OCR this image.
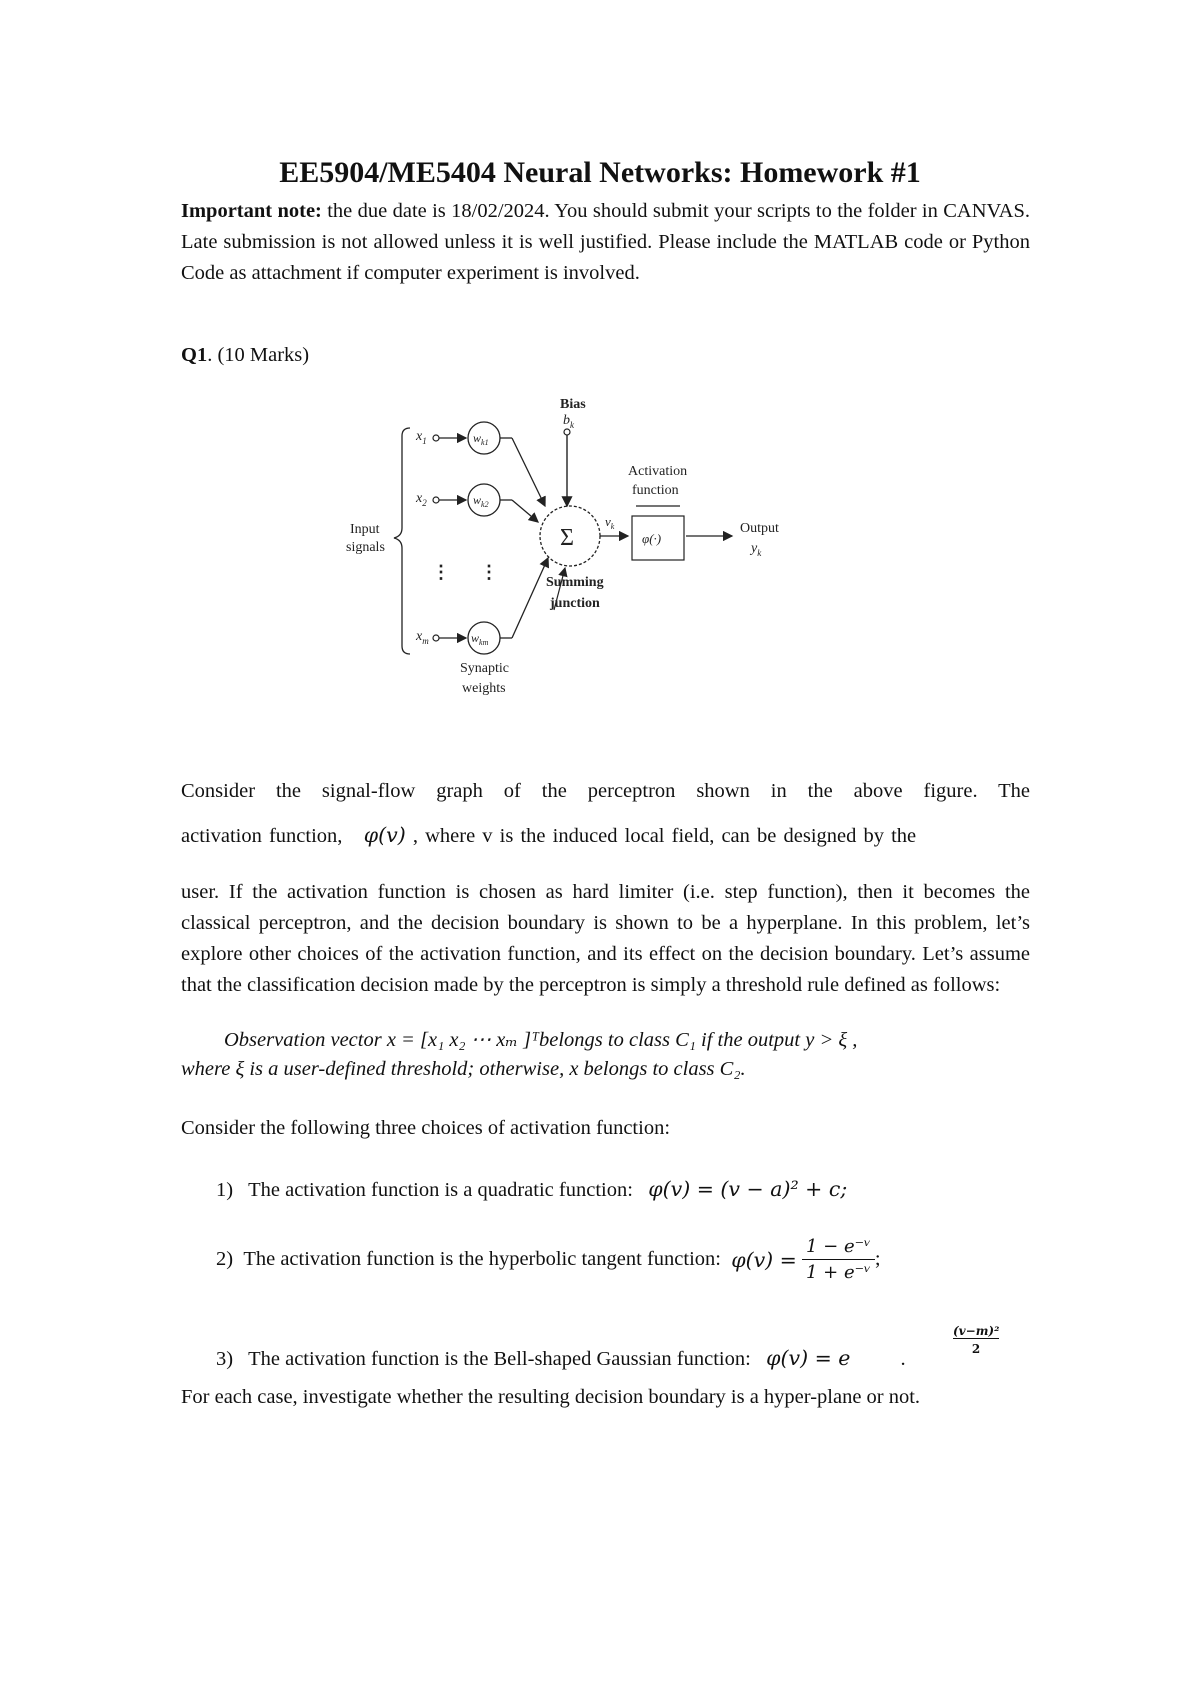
EE5904/ME5404 Neural Networks: Homework #1
Important note: the due date is 18/02/2024. You should submit your scripts to the folder in CANVAS. Late submission is not allowed unless it is well justified. Please include the MATLAB code or Python Code as attachment if computer experiment is involved.
Q1. (10 Marks)
Bias
$b_k$
Input
signals
$x_1$	$w_{k1}$
$x_2$	$w_{k2}$
⋮ ⋮
$x_m$	$w_{km}$
Σ
Summing
junction
$v_k$
Activation
function
φ(·)
Output
$y_k$
Synaptic
weights
Consider the signal-flow graph of the perceptron shown in the above figure. The
activation function,   φ(v) , where v is the induced local field, can be designed by the
user. If the activation function is chosen as hard limiter (i.e. step function), then it becomes the classical perceptron, and the decision boundary is shown to be a hyperplane. In this problem, let’s explore other choices of the activation function, and its effect on the decision boundary. Let’s assume that the classification decision made by the perceptron is simply a threshold rule defined as follows:
Observation vector x = [x₁ x₂ ⋯ xₘ ]ᵀbelongs to class C₁ if the output y > ξ ,
where ξ is a user-defined threshold; otherwise, x belongs to class C₂.
Consider the following three choices of activation function:
1) The activation function is a quadratic function: φ(v) = (v − a)² + c;
2)
The activation function is the hyperbolic tangent function:
φ(v) =
$\frac{\text{1 − e⁻ᵛ}}{\text{1 + e⁻ᵛ}}$ ;
3) The activation function is the Bell-shaped Gaussian function: φ(v) = e .
(v−m)²
2
For each case, investigate whether the resulting decision boundary is a hyper-plane or not.
